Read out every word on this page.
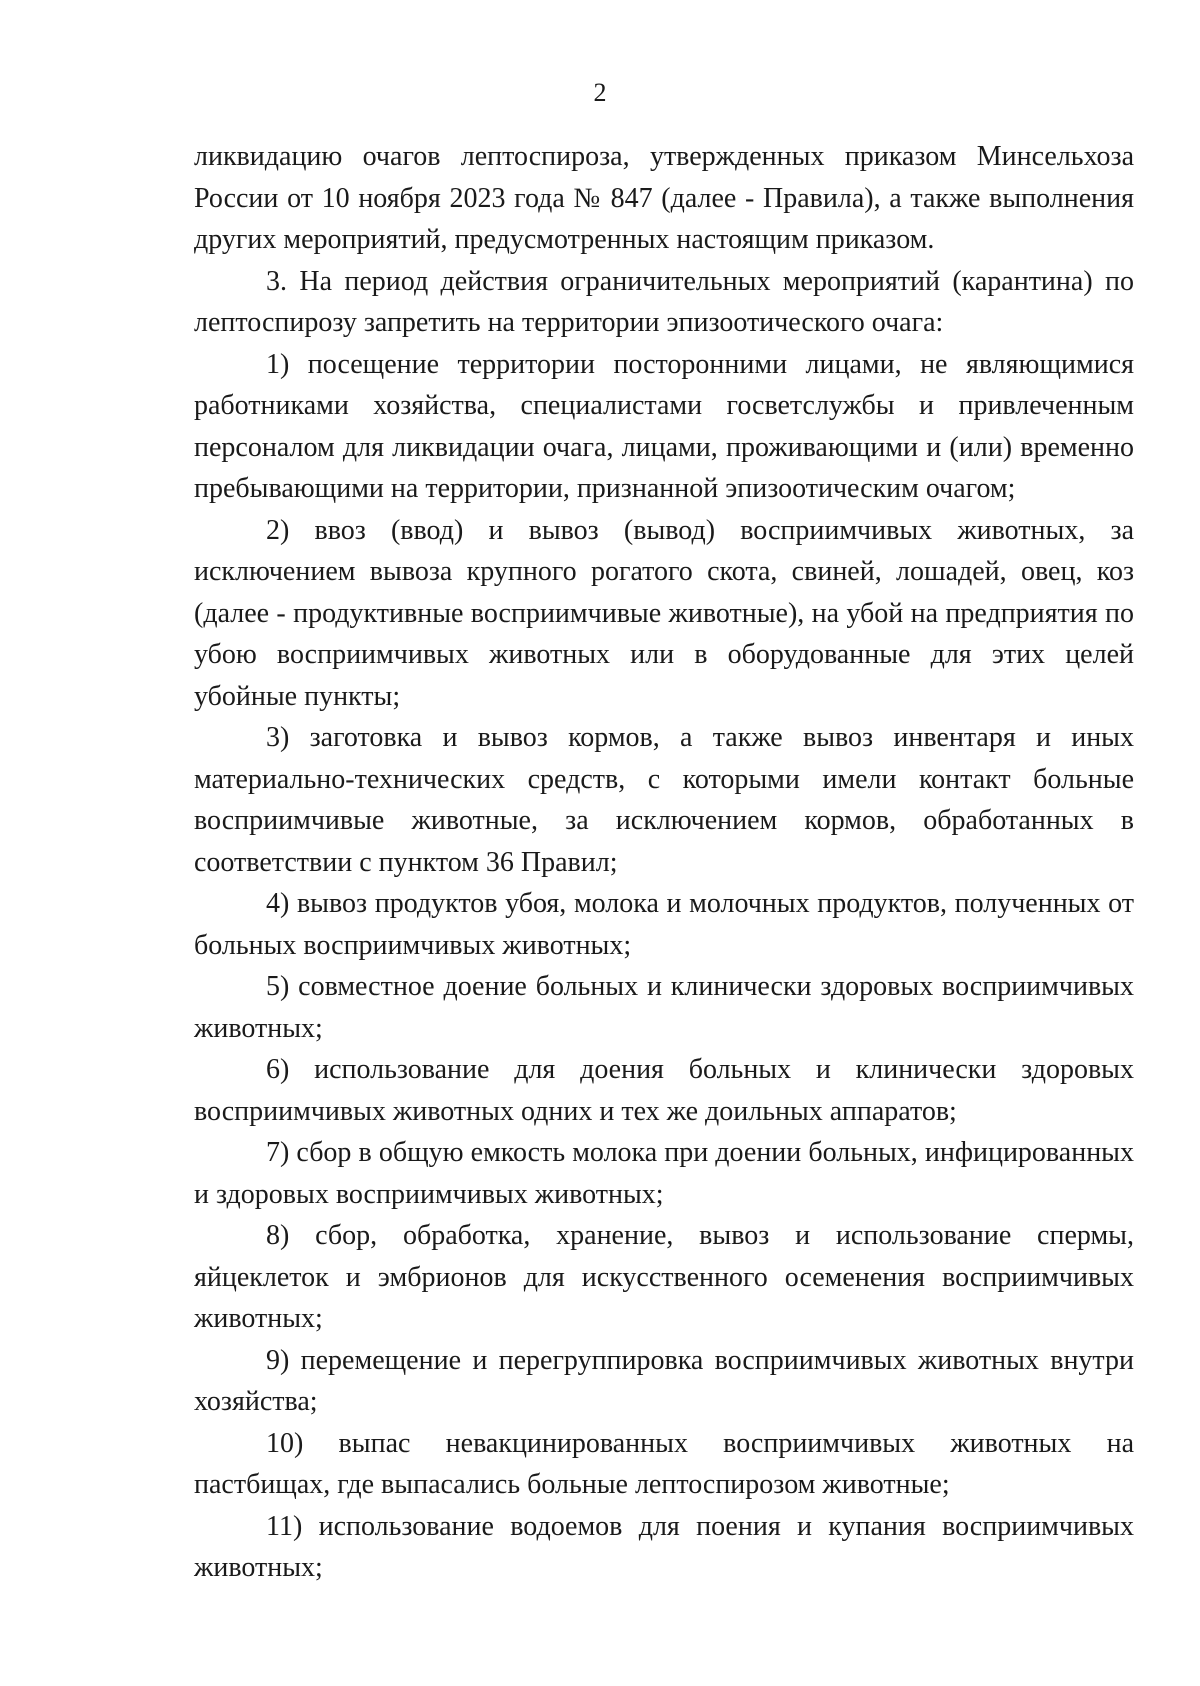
2

ликвидацию очагов лептоспироза, утвержденных приказом Минсельхоза России от 10 ноября 2023 года № 847 (далее - Правила), а также выполнения других мероприятий, предусмотренных настоящим приказом.

3. На период действия ограничительных мероприятий (карантина) по лептоспирозу запретить на территории эпизоотического очага:

1) посещение территории посторонними лицами, не являющимися работниками хозяйства, специалистами госветслужбы и привлеченным персоналом для ликвидации очага, лицами, проживающими и (или) временно пребывающими на территории, признанной эпизоотическим очагом;

2) ввоз (ввод) и вывоз (вывод) восприимчивых животных, за исключением вывоза крупного рогатого скота, свиней, лошадей, овец, коз (далее - продуктивные восприимчивые животные), на убой на предприятия по убою восприимчивых животных или в оборудованные для этих целей убойные пункты;

3) заготовка и вывоз кормов, а также вывоз инвентаря и иных материально-технических средств, с которыми имели контакт больные восприимчивые животные, за исключением кормов, обработанных в соответствии с пунктом 36 Правил;

4) вывоз продуктов убоя, молока и молочных продуктов, полученных от больных восприимчивых животных;

5) совместное доение больных и клинически здоровых восприимчивых животных;

6) использование для доения больных и клинически здоровых восприимчивых животных одних и тех же доильных аппаратов;

7) сбор в общую емкость молока при доении больных, инфицированных и здоровых восприимчивых животных;

8) сбор, обработка, хранение, вывоз и использование спермы, яйцеклеток и эмбрионов для искусственного осеменения восприимчивых животных;

9) перемещение и перегруппировка восприимчивых животных внутри хозяйства;

10) выпас невакцинированных восприимчивых животных на пастбищах, где выпасались больные лептоспирозом животные;

11) использование водоемов для поения и купания восприимчивых животных;
